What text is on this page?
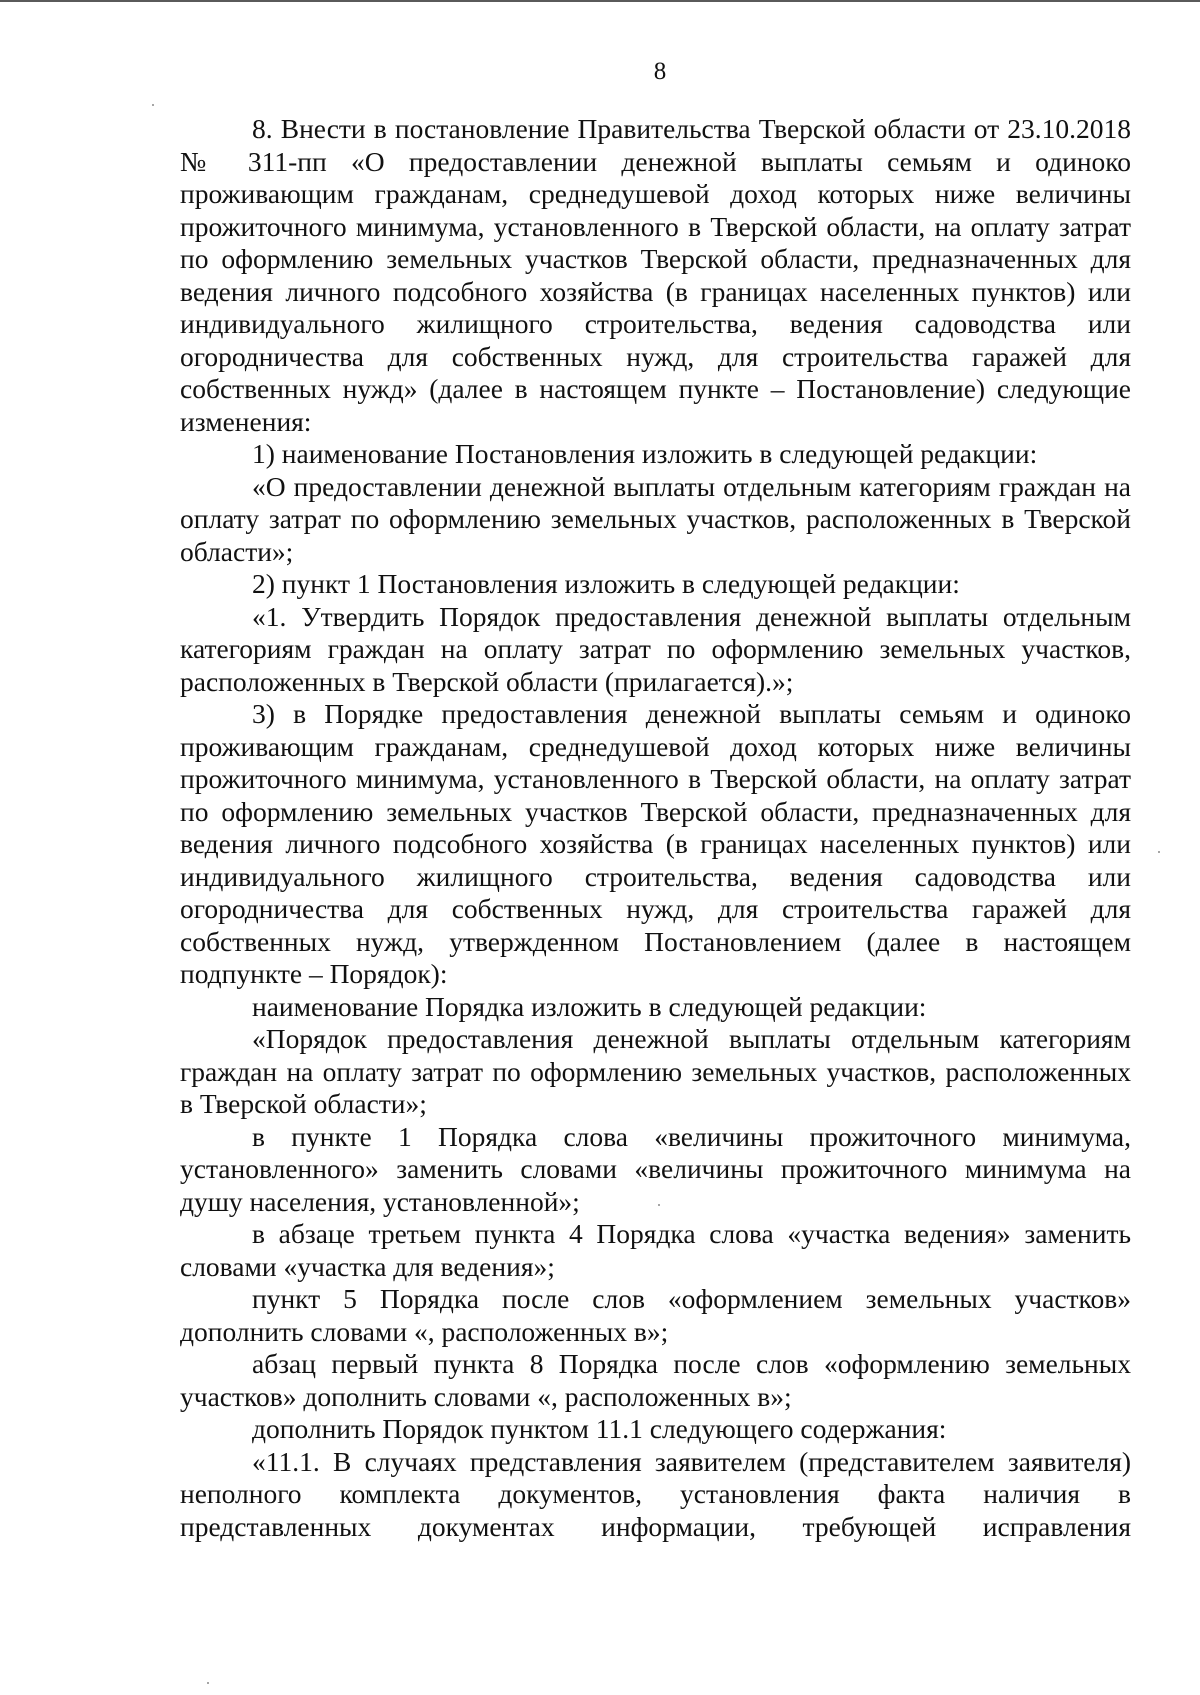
8

8. Внести в постановление Правительства Тверской области от 23.10.2018 № 311-пп «О предоставлении денежной выплаты семьям и одиноко проживающим гражданам, среднедушевой доход которых ниже величины прожиточного минимума, установленного в Тверской области, на оплату затрат по оформлению земельных участков Тверской области, предназначенных для ведения личного подсобного хозяйства (в границах населенных пунктов) или индивидуального жилищного строительства, ведения садоводства или огородничества для собственных нужд, для строительства гаражей для собственных нужд» (далее в настоящем пункте – Постановление) следующие изменения:

1) наименование Постановления изложить в следующей редакции:

«О предоставлении денежной выплаты отдельным категориям граждан на оплату затрат по оформлению земельных участков, расположенных в Тверской области»;

2) пункт 1 Постановления изложить в следующей редакции:

«1. Утвердить Порядок предоставления денежной выплаты отдельным категориям граждан на оплату затрат по оформлению земельных участков, расположенных в Тверской области (прилагается).»;

3) в Порядке предоставления денежной выплаты семьям и одиноко проживающим гражданам, среднедушевой доход которых ниже величины прожиточного минимума, установленного в Тверской области, на оплату затрат по оформлению земельных участков Тверской области, предназначенных для ведения личного подсобного хозяйства (в границах населенных пунктов) или индивидуального жилищного строительства, ведения садоводства или огородничества для собственных нужд, для строительства гаражей для собственных нужд, утвержденном Постановлением (далее в настоящем подпункте – Порядок):

наименование Порядка изложить в следующей редакции:

«Порядок предоставления денежной выплаты отдельным категориям граждан на оплату затрат по оформлению земельных участков, расположенных в Тверской области»;

в пункте 1 Порядка слова «величины прожиточного минимума, установленного» заменить словами «величины прожиточного минимума на душу населения, установленной»;

в абзаце третьем пункта 4 Порядка слова «участка ведения» заменить словами «участка для ведения»;

пункт 5 Порядка после слов «оформлением земельных участков» дополнить словами «, расположенных в»;

абзац первый пункта 8 Порядка после слов «оформлению земельных участков» дополнить словами «, расположенных в»;

дополнить Порядок пунктом 11.1 следующего содержания:

«11.1. В случаях представления заявителем (представителем заявителя) неполного комплекта документов, установления факта наличия в представленных документах информации, требующей исправления
